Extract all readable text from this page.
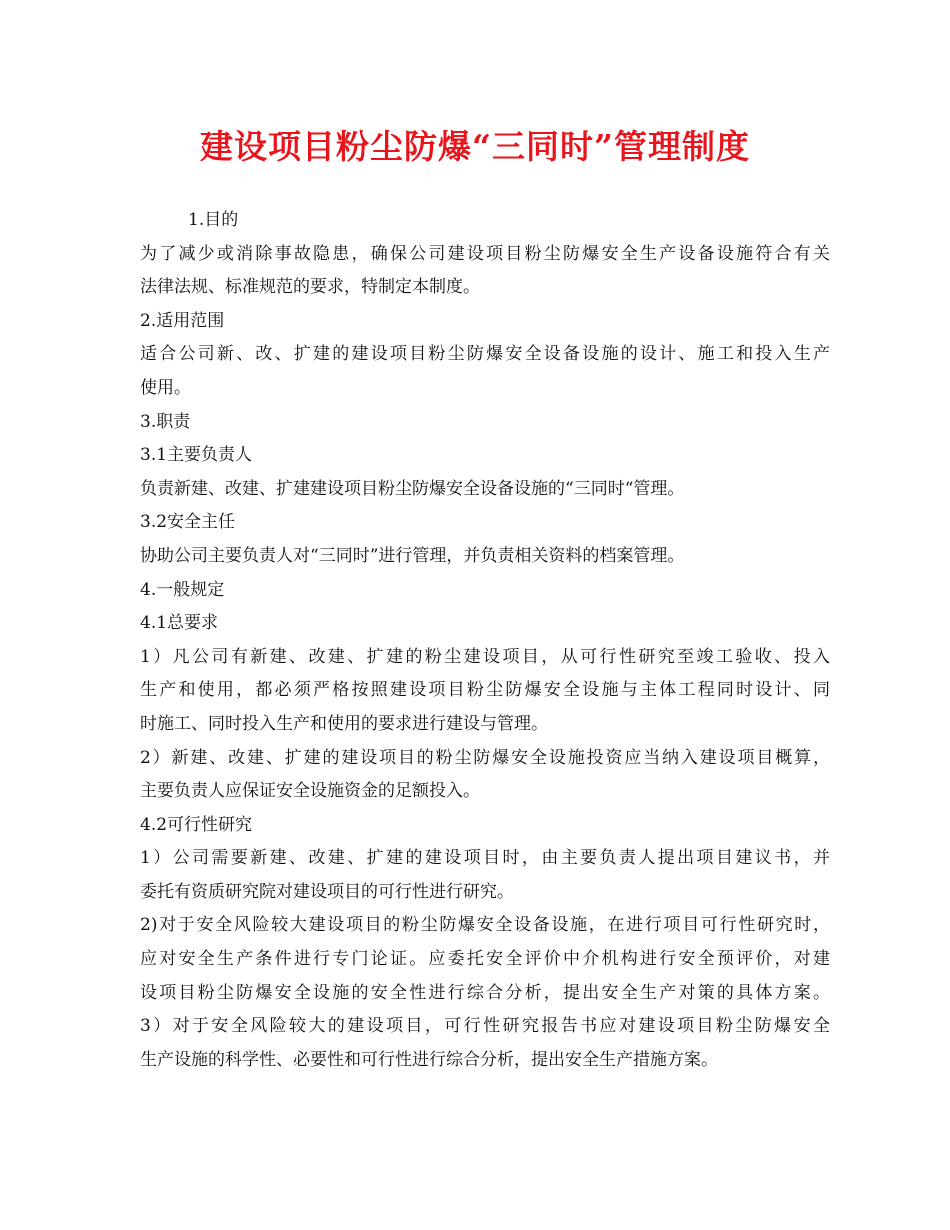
建设项目粉尘防爆“三同时”管理制度
1.目的
为了减少或消除事故隐患，确保公司建设项目粉尘防爆安全生产设备设施符合有关
法律法规、标准规范的要求，特制定本制度。
2.适用范围
适合公司新、改、扩建的建设项目粉尘防爆安全设备设施的设计、施工和投入生产
使用。
3.职责
3.1主要负责人
负责新建、改建、扩建建设项目粉尘防爆安全设备设施的“三同时“管理。
3.2安全主任
协助公司主要负责人对“三同时”进行管理，并负责相关资料的档案管理。
4.一般规定
4.1总要求
1）凡公司有新建、改建、扩建的粉尘建设项目，从可行性研究至竣工验收、投入
生产和使用，都必须严格按照建设项目粉尘防爆安全设施与主体工程同时设计、同
时施工、同时投入生产和使用的要求进行建设与管理。
2）新建、改建、扩建的建设项目的粉尘防爆安全设施投资应当纳入建设项目概算，
主要负责人应保证安全设施资金的足额投入。
4.2可行性研究
1）公司需要新建、改建、扩建的建设项目时，由主要负责人提出项目建议书，并
委托有资质研究院对建设项目的可行性进行研究。
2)对于安全风险较大建设项目的粉尘防爆安全设备设施，在进行项目可行性研究时，
应对安全生产条件进行专门论证。应委托安全评价中介机构进行安全预评价，对建
设项目粉尘防爆安全设施的安全性进行综合分析，提出安全生产对策的具体方案。
3）对于安全风险较大的建设项目，可行性研究报告书应对建设项目粉尘防爆安全
生产设施的科学性、必要性和可行性进行综合分析，提出安全生产措施方案。
